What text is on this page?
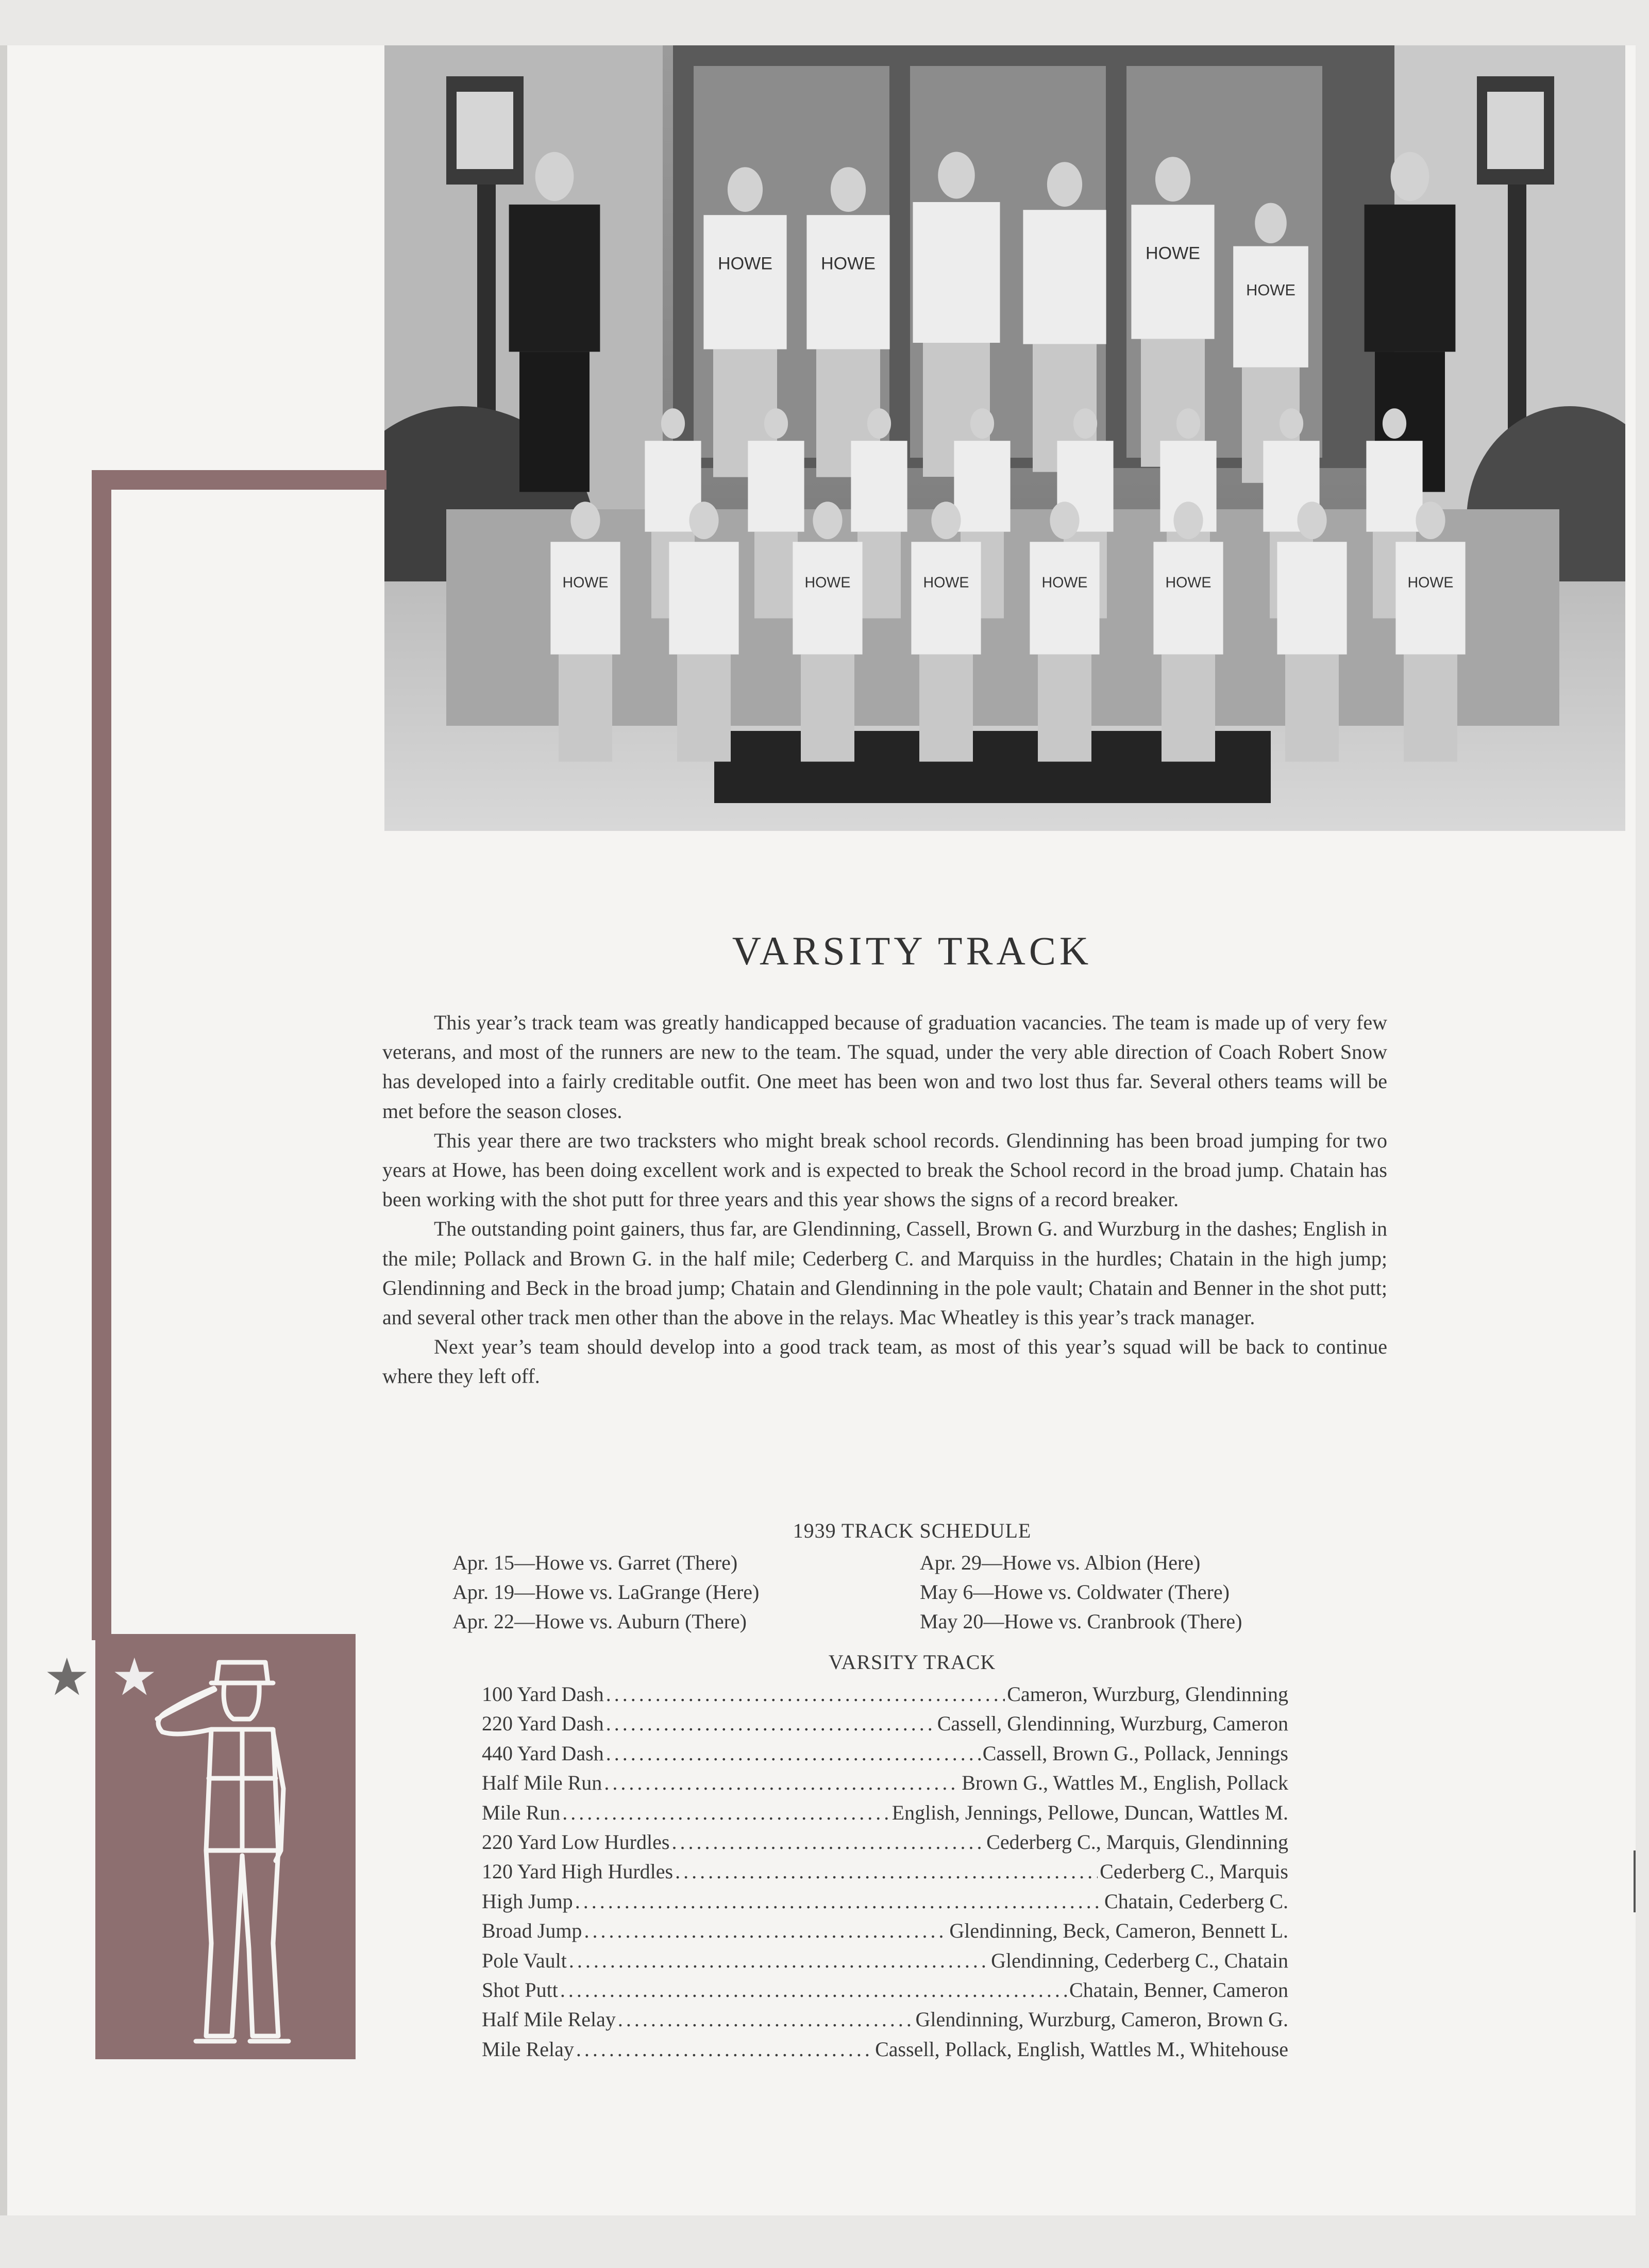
HOWE	HOWE
HOWE
HOWE
HOWE	HOWE	HOWE	HOWE	HOWE	HOWE
★ ★
VARSITY TRACK

This year’s track team was greatly handicapped because of graduation vacancies. The team is made up of very few veterans, and most of the runners are new to the team. The squad, under the very able direction of Coach Robert Snow has developed into a fairly creditable outfit. One meet has been won and two lost thus far. Several others teams will be met before the season closes.

This year there are two tracksters who might break school records. Glendinning has been broad jumping for two years at Howe, has been doing excellent work and is expected to break the School record in the broad jump. Chatain has been working with the shot putt for three years and this year shows the signs of a record breaker.

The outstanding point gainers, thus far, are Glendinning, Cassell, Brown G. and Wurzburg in the dashes; English in the mile; Pollack and Brown G. in the half mile; Cederberg C. and Marquiss in the hurdles; Chatain in the high jump; Glendinning and Beck in the broad jump; Chatain and Glendinning in the pole vault; Chatain and Benner in the shot putt; and several other track men other than the above in the relays. Mac Wheatley is this year’s track manager.

Next year’s team should develop into a good track team, as most of this year’s squad will be back to continue where they left off.

1939 TRACK SCHEDULE
Apr. 15—Howe vs. Garret (There)
Apr. 19—Howe vs. LaGrange (Here)
Apr. 22—Howe vs. Auburn (There)
Apr. 29—Howe vs. Albion (Here)
May 6—Howe vs. Coldwater (There)
May 20—Howe vs. Cranbrook (There)
VARSITY TRACK
100 Yard Dash .....	Cameron, Wurzburg, Glendinning
220 Yard Dash .....	Cassell, Glendinning, Wurzburg, Cameron
440 Yard Dash .....	Cassell, Brown G., Pollack, Jennings
Half Mile Run .....	Brown G., Wattles M., English, Pollack
Mile Run .....	English, Jennings, Pellowe, Duncan, Wattles M.
220 Yard Low Hurdles .....	Cederberg C., Marquis, Glendinning
120 Yard High Hurdles .....	Cederberg C., Marquis
High Jump .....	Chatain, Cederberg C.
Broad Jump .....	Glendinning, Beck, Cameron, Bennett L.
Pole Vault .....	Glendinning, Cederberg C., Chatain
Shot Putt .....	Chatain, Benner, Cameron
Half Mile Relay .....	Glendinning, Wurzburg, Cameron, Brown G.
Mile Relay .....	Cassell, Pollack, English, Wattles M., Whitehouse
